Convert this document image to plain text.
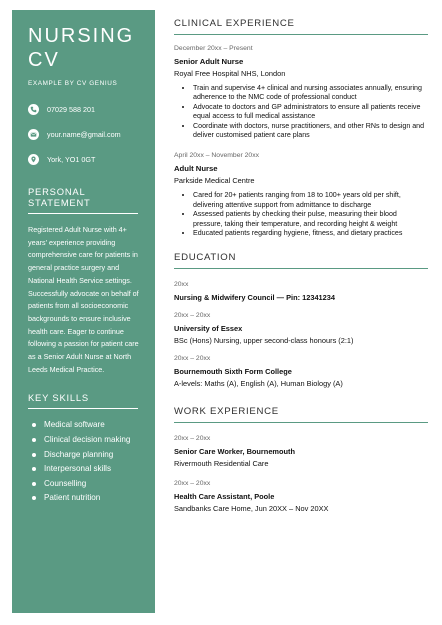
NURSING
CV
EXAMPLE BY CV GENIUS
07029 588 201
your.name@gmail.com
York, YO1 0GT
PERSONAL STATEMENT
Registered Adult Nurse with 4+ years' experience providing comprehensive care for patients in general practice surgery and National Health Service settings. Successfully advocate on behalf of patients from all socioeconomic backgrounds to ensure inclusive health care. Eager to continue following a passion for patient care as a Senior Adult Nurse at North Leeds Medical Practice.
KEY SKILLS
Medical software
Clinical decision making
Discharge planning
Interpersonal skills
Counselling
Patient nutrition
CLINICAL EXPERIENCE
December 20xx – Present
Senior Adult Nurse
Royal Free Hospital NHS, London
• Train and supervise 4+ clinical and nursing associates annually, ensuring adherence to the NMC code of professional conduct
• Advocate to doctors and GP administrators to ensure all patients receive equal access to full medical assistance
• Coordinate with doctors, nurse practitioners, and other RNs to design and deliver customised patient care plans
April 20xx – November 20xx
Adult Nurse
Parkside Medical Centre
• Cared for 20+ patients ranging from 18 to 100+ years old per shift, delivering attentive support from admittance to discharge
• Assessed patients by checking their pulse, measuring their blood pressure, taking their temperature, and recording height & weight
• Educated patients regarding hygiene, fitness, and dietary practices
EDUCATION
20xx
Nursing & Midwifery Council — Pin: 12341234
20xx – 20xx
University of Essex
BSc (Hons) Nursing, upper second-class honours (2:1)
20xx – 20xx
Bournemouth Sixth Form College
A-levels: Maths (A), English (A), Human Biology (A)
WORK EXPERIENCE
20xx – 20xx
Senior Care Worker, Bournemouth
Rivermouth Residential Care
20xx – 20xx
Health Care Assistant, Poole
Sandbanks Care Home, Jun 20XX – Nov 20XX
